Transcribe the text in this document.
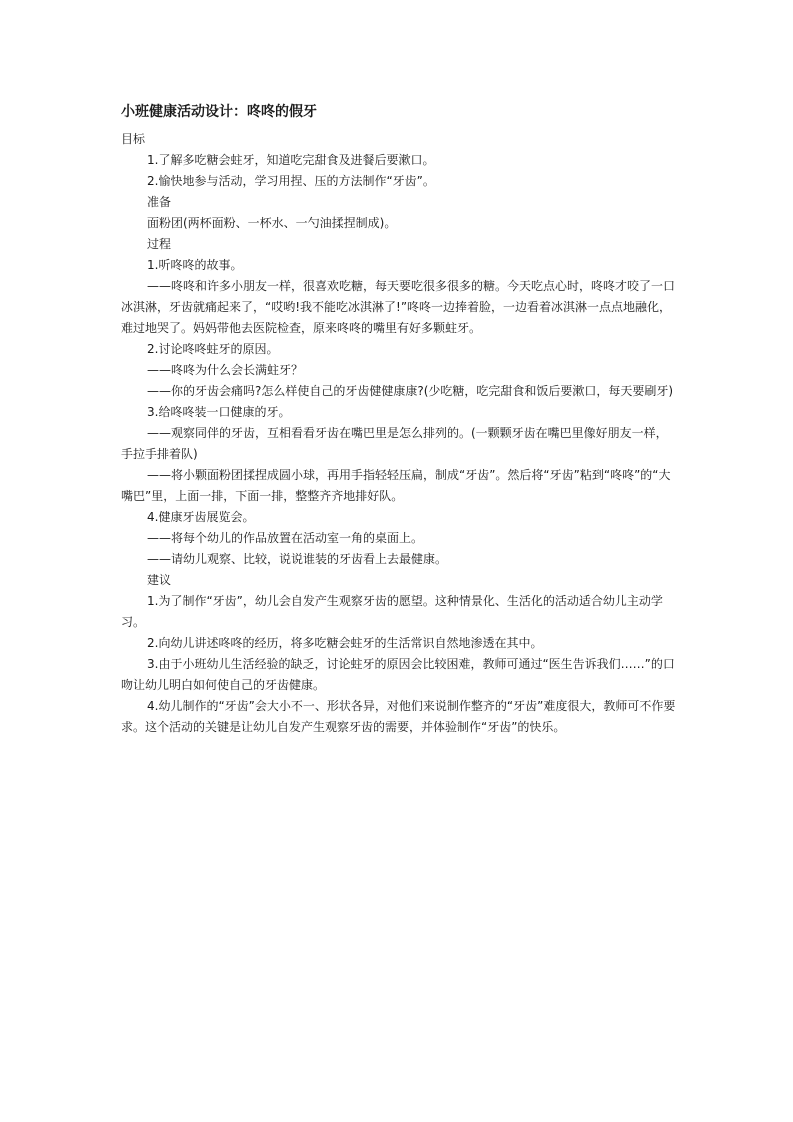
小班健康活动设计：咚咚的假牙

目标

1.了解多吃糖会蛀牙，知道吃完甜食及进餐后要漱口。

2.愉快地参与活动，学习用捏、压的方法制作“牙齿”。

准备

面粉团(两杯面粉、一杯水、一勺油揉捏制成)。

过程

1.听咚咚的故事。

——咚咚和许多小朋友一样，很喜欢吃糖，每天要吃很多很多的糖。今天吃点心时，咚咚才咬了一口冰淇淋，牙齿就痛起来了，“哎哟!我不能吃冰淇淋了!”咚咚一边捧着脸，一边看着冰淇淋一点点地融化，难过地哭了。妈妈带他去医院检查，原来咚咚的嘴里有好多颗蛀牙。

2.讨论咚咚蛀牙的原因。

——咚咚为什么会长满蛀牙？

——你的牙齿会痛吗?怎么样使自己的牙齿健健康康?(少吃糖，吃完甜食和饭后要漱口，每天要刷牙)

3.给咚咚装一口健康的牙。

——观察同伴的牙齿，互相看看牙齿在嘴巴里是怎么排列的。(一颗颗牙齿在嘴巴里像好朋友一样，手拉手排着队)

——将小颗面粉团揉捏成圆小球，再用手指轻轻压扁，制成“牙齿”。然后将“牙齿”粘到“咚咚”的“大嘴巴”里，上面一排，下面一排，整整齐齐地排好队。

4.健康牙齿展览会。

——将每个幼儿的作品放置在活动室一角的桌面上。

——请幼儿观察、比较，说说谁装的牙齿看上去最健康。

建议

1.为了制作“牙齿”，幼儿会自发产生观察牙齿的愿望。这种情景化、生活化的活动适合幼儿主动学习。

2.向幼儿讲述咚咚的经历，将多吃糖会蛀牙的生活常识自然地渗透在其中。

3.由于小班幼儿生活经验的缺乏，讨论蛀牙的原因会比较困难，教师可通过“医生告诉我们……”的口吻让幼儿明白如何使自己的牙齿健康。

4.幼儿制作的“牙齿”会大小不一、形状各异，对他们来说制作整齐的“牙齿”难度很大，教师可不作要求。这个活动的关键是让幼儿自发产生观察牙齿的需要，并体验制作“牙齿”的快乐。
